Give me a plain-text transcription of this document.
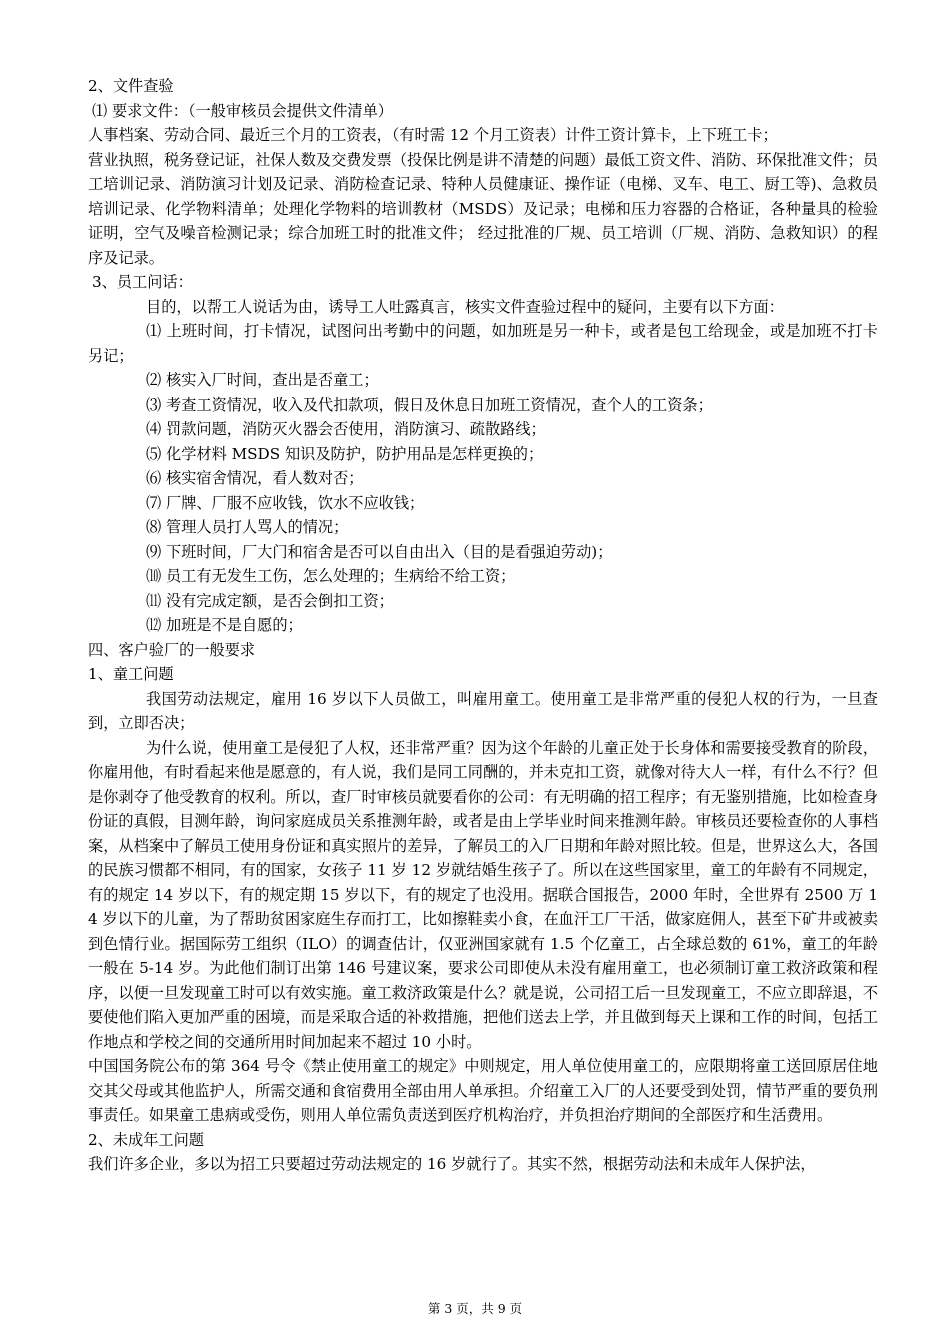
2、文件查验

⑴ 要求文件：（一般审核员会提供文件清单）

人事档案、劳动合同、最近三个月的工资表，（有时需 12 个月工资表）计件工资计算卡，上下班工卡；

营业执照，税务登记证，社保人数及交费发票（投保比例是讲不清楚的问题）最低工资文件、消防、环保批准文件；员工培训记录、消防演习计划及记录、消防检查记录、特种人员健康证、操作证（电梯、叉车、电工、厨工等)、急救员培训记录、化学物料清单；处理化学物料的培训教材（MSDS）及记录；电梯和压力容器的合格证，各种量具的检验证明，空气及噪音检测记录；综合加班工时的批准文件； 经过批准的厂规、员工培训（厂规、消防、急救知识）的程序及记录。

3、员工问话：

目的，以帮工人说话为由，诱导工人吐露真言，核实文件查验过程中的疑问，主要有以下方面：

⑴ 上班时间，打卡情况，试图问出考勤中的问题，如加班是另一种卡，或者是包工给现金，或是加班不打卡另记；

⑵ 核实入厂时间，查出是否童工；

⑶ 考查工资情况，收入及代扣款项，假日及休息日加班工资情况，查个人的工资条；

⑷ 罚款问题，消防灭火器会否使用，消防演习、疏散路线；

⑸ 化学材料 MSDS 知识及防护，防护用品是怎样更换的；

⑹ 核实宿舍情况，看人数对否；

⑺ 厂牌、厂服不应收钱，饮水不应收钱；

⑻ 管理人员打人骂人的情况；

⑼ 下班时间，厂大门和宿舍是否可以自由出入（目的是看强迫劳动)；

⑽ 员工有无发生工伤，怎么处理的；生病给不给工资；

⑾ 没有完成定额，是否会倒扣工资；

⑿ 加班是不是自愿的；

四、客户验厂的一般要求

1、童工问题

我国劳动法规定，雇用 16 岁以下人员做工，叫雇用童工。使用童工是非常严重的侵犯人权的行为，一旦查到，立即否决；

为什么说，使用童工是侵犯了人权，还非常严重？因为这个年龄的儿童正处于长身体和需要接受教育的阶段，你雇用他，有时看起来他是愿意的，有人说，我们是同工同酬的，并未克扣工资，就像对待大人一样，有什么不行？但是你剥夺了他受教育的权利。所以，查厂时审核员就要看你的公司：有无明确的招工程序；有无鉴别措施，比如检查身份证的真假，目测年龄，询问家庭成员关系推测年龄，或者是由上学毕业时间来推测年龄。审核员还要检查你的人事档案，从档案中了解员工使用身份证和真实照片的差异，了解员工的入厂日期和年龄对照比较。但是，世界这么大，各国的民族习惯都不相同，有的国家，女孩子 11 岁 12 岁就结婚生孩子了。所以在这些国家里，童工的年龄有不同规定，有的规定 14 岁以下，有的规定期 15 岁以下，有的规定了也没用。据联合国报告，2000 年时，全世界有 2500 万 14 岁以下的儿童，为了帮助贫困家庭生存而打工，比如擦鞋卖小食，在血汗工厂干活，做家庭佣人，甚至下矿井或被卖到色情行业。据国际劳工组织（ILO）的调查估计，仅亚洲国家就有 1.5 个亿童工，占全球总数的 61%，童工的年龄一般在 5-14 岁。为此他们制订出第 146 号建议案，要求公司即使从未没有雇用童工，也必须制订童工救济政策和程序，以便一旦发现童工时可以有效实施。童工救济政策是什么？就是说，公司招工后一旦发现童工，不应立即辞退，不要使他们陷入更加严重的困境，而是采取合适的补救措施，把他们送去上学，并且做到每天上课和工作的时间，包括工作地点和学校之间的交通所用时间加起来不超过 10 小时。

中国国务院公布的第 364 号令《禁止使用童工的规定》中则规定，用人单位使用童工的，应限期将童工送回原居住地交其父母或其他监护人，所需交通和食宿费用全部由用人单承担。介绍童工入厂的人还要受到处罚，情节严重的要负刑事责任。如果童工患病或受伤，则用人单位需负责送到医疗机构治疗，并负担治疗期间的全部医疗和生活费用。

2、未成年工问题

我们许多企业，多以为招工只要超过劳动法规定的 16 岁就行了。其实不然，根据劳动法和未成年人保护法，

第 3 页，共 9 页
